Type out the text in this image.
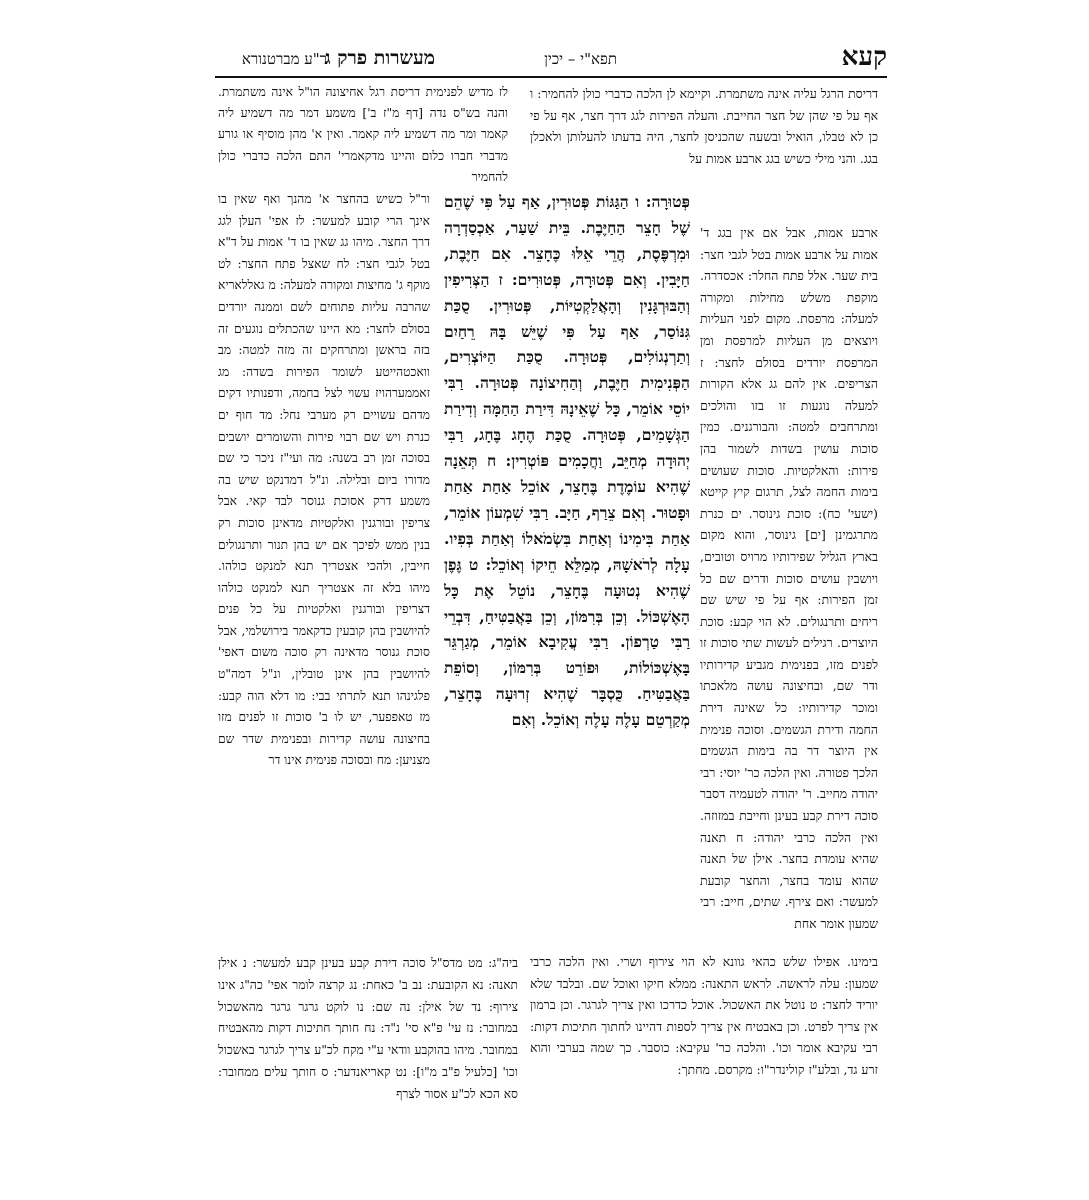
קעא
תפא"י – יכין
מעשרות פרק ג
ר"ע מברטנורא

דריסת הרגל עליה אינה משתמרת. וקיימא לן הלכה כדברי כולן להחמיר: ו אף על פי שהן של חצר החייבת. והעלה הפירות לגג דרך חצר, אף על פי כן לא טבלו, הואיל ובשעה שהכניסן לחצר, היה בדעתו להעלותן ולאכלן בגג. והני מילי כשיש בגג ארבע אמות על

לז מדיש לפנימית דריסת רגל אחיצונה הו"ל אינה משתמרת. והנה בש"ס נדה [דף מ"ז ב'] משמע דמר מה דשמיע ליה קאמר ומר מה דשמיע ליה קאמר. ואין א' מהן מוסיף או גורע מדברי חברו כלום והיינו מדקאמרי' התם הלכה כדברי כולן להחמיר

ארבע אמות, אבל אם אין בגג ד' אמות על ארבע אמות בטל לגבי חצר: בית שער. אלל פתח החלר: אכסדרה. מוקפת משלש מחילות ומקורה למעלה: מרפסת. מקום לפני העליות ויוצאים מן העליות למרפסת ומן המרפסת יורדים בסולם לחצר: ז הצריפים. אין להם גג אלא הקורות למעלה נוגעות זו בזו והולכים ומתרחבים למטה: והבורגנים. כמין סוכות עושין בשדות לשמור בהן פירות: והאלקטיות. סוכות שעושים בימות החמה לצל, תרגום קיץ קייטא (ישעי' כח): סוכת גינוסר. ים כנרת מתרגמינן [ים] גינוסר, והוא מקום בארץ הגליל שפירותיו מרויס וטובים, ויושבין עושים סוכות ודרים שם כל זמן הפירות: אף על פי שיש שם ריחים ותרנגולים. לא הוי קבע: סוכת היוצרים. רגילים לעשות שתי סוכות זו לפנים מזו, בפנימית מגביע קדירותיו ודר שם, ובחיצונה עושה מלאכתו ומוכר קדירותיו: כל שאינה דירת החמה ודירת הגשמים. וסוכה פנימית אין היוצר דר בה בימות הגשמים הלכך פטורה. ואין הלכה כר' יוסי: רבי יהודה מחייב. ר' יהודה לטעמיה דסבר סוכה דירת קבע בעינן וחייבת במזוזה. ואין הלכה כרבי יהודה: ח תאנה שהיא עומדת בחצר. אילן של תאנה שהוא עומד בחצר, והחצר קובעת למעשר: ואם צירף. שתים, חייב: רבי שמעון אומר אחת

פְּטוּרָה: ו הַגַּגּוֹת פְּטוּרִין, אַף עַל פִּי שֶׁהֵם שֶׁל חָצֵר הַחַיֶּבֶת. בֵּית שַׁעַר, אַכְסַדְרָה וּמִרְפֶּסֶת, הֲרֵי אֵלּוּ כֶּחָצֵר. אִם חַיֶּבֶת, חַיָּבִין. וְאִם פְּטוּרָה, פְּטוּרִים: ז הַצְּרִיפִין וְהַבּוּרְגָּנִין וְהָאֲלַקְטִיּוֹת, פְּטוּרִין. סֻכַּת גִּנּוֹסַר, אַף עַל פִּי שֶׁיֵּשׁ בָּהּ רֵחַיִם וְתַרְנְגוֹלִים, פְּטוּרָה. סֻכַּת הַיּוֹצְרִים, הַפְּנִימִית חַיֶּבֶת, וְהַחִיצוֹנָה פְּטוּרָה. רַבִּי יוֹסֵי אוֹמֵר, כָּל שֶׁאֵינָהּ דִּירַת הַחַמָּה וְדִירַת הַגְּשָׁמִים, פְּטוּרָה. סֻכַּת הֶחָג בֶּחָג, רַבִּי יְהוּדָה מְחַיֵּב, וַחֲכָמִים פּוֹטְרִין: ח תְּאֵנָה שֶׁהִיא עוֹמֶדֶת בֶּחָצֵר, אוֹכֵל אַחַת אַחַת וּפָטוּר. וְאִם צֵרַף, חַיָּב. רַבִּי שִׁמְעוֹן אוֹמֵר, אַחַת בִּימִינוֹ וְאַחַת בִּשְׂמֹאלוֹ וְאַחַת בְּפִיו. עָלָה לְרֹאשָׁהּ, מְמַלֵּא חֵיקוֹ וְאוֹכֵל: ט גֶּפֶן שֶׁהִיא נְטוּעָה בֶּחָצֵר, נוֹטֵל אֶת כָּל הָאֶשְׁכּוֹל. וְכֵן בְּרִמּוֹן, וְכֵן בַּאֲבַטִּיחַ, דִּבְרֵי רַבִּי טַרְפוֹן. רַבִּי עֲקִיבָא אוֹמֵר, מְגַרְגֵּר בָּאֶשְׁכּוֹלוֹת, וּפוֹרֵט בְּרִמּוֹן, וְסוֹפֵת בַּאֲבַטִּיחַ. כֻּסְבָּר שֶׁהִיא זְרוּעָה בֶּחָצֵר, מְקַרְטֵם עָלֶה עָלֶה וְאוֹכֵל. וְאִם

ור"ל כשיש בהחצר א' מהנך ואף שאין בו אינך הרי קובע למעשר: לז אפי' העלן לגג דרך החצר. מיהו גג שאין בו ד' אמות על ד"א בטל לגבי חצר: לח שאצל פתח החצר: לט מוקף ג' מחיצות ומקורה למעלה: מ גאללאריא שהרבה עליות פתוחים לשם וממנה יורדים בסולם לחצר: מא היינו שהכתלים נוגעים זה בזה בראשן ומתרחקים זה מזה למטה: מב וואכטהייטע לשומר הפירות בשדה: מג זאממערהויז עשוי לצל בחמה, ודפנותיו דקים מדהם עשויים רק מערבי נחל: מד חוף ים כנרת ויש שם רבוי פירות והשומרים יושבים בסוכה זמן רב בשנה: מה ועי"ז ניכר כי שם מדורו ביום ובלילה. ונ"ל דמדנקט שיש בה משמע דרק אסוכת גנוסר לבד קאי. אבל צריפין ובורגנין ואלקטיות מדאינן סוכות רק בנין ממש לפיכך אם יש בהן תנור ותרנגולים חייבין, ולהכי אצטריך תנא למנקט כולהו. מיהו בלא זה אצטריך תנא למנקט כולהו דצריפין ובורגנין ואלקטיות על כל פנים להיושבין בהן קובעין כדקאמר בירושלמי, אבל סוכת גנוסר מדאינה רק סוכה משום דאפי' להיושבין בהן אינן טובלין, ונ"ל דמה"ט פלגינהו תנא לתרתי בבי: מו דלא הוה קבע: מז טאפפער, יש לו ב' סוכות זו לפנים מזו בחיצונה עושה קדירות ובפנימית שדר שם מצניען: מח ובסוכה פנימית אינו דר

בימינו. אפילו שלש כהאי גוונא לא הוי צירוף ושרי. ואין הלכה כרבי שמעון: עלה לראשה. לראש התאנה: ממלא חיקו ואוכל שם. ובלבד שלא יוריד לחצר: ט נוטל את האשכול. אוכל כדרכו ואין צריך לגרגר. וכן ברמון אין צריך לפרט. וכן באבטיח אין צריך לספות דהיינו לחתוך חתיכות דקות: רבי עקיבא אומר וכו'. והלכה כר' עקיבא: כוסבר. כך שמה בערבי והוא זרע גד, ובלע"ז קולינדר"ו: מקרסם. מחתך:

ביה"ג: מט מדס"ל סוכה דירת קבע בעינן קבע למעשר: נ אילן תאנה: נא הקובעת: נב ב' כאחת: נג קרצה לומר אפי' כה"ג אינו צירוף: נד של אילן: נה שם: נו לוקט גרגר גרגר מהאשכול במחובר: נז עי' פ"א סי' נ"ד: נח חותך חתיכות דקות מהאבטיח במחובר. מיהו בהוקבע וודאי ע"י מקח לכ"ע צריך לגרגר באשכול וכו' [כלעיל פ"ב מ"ו]: נט קאריאנדער: ס חותך עלים ממחובר: סא הכא לכ"ע אסור לצרף
